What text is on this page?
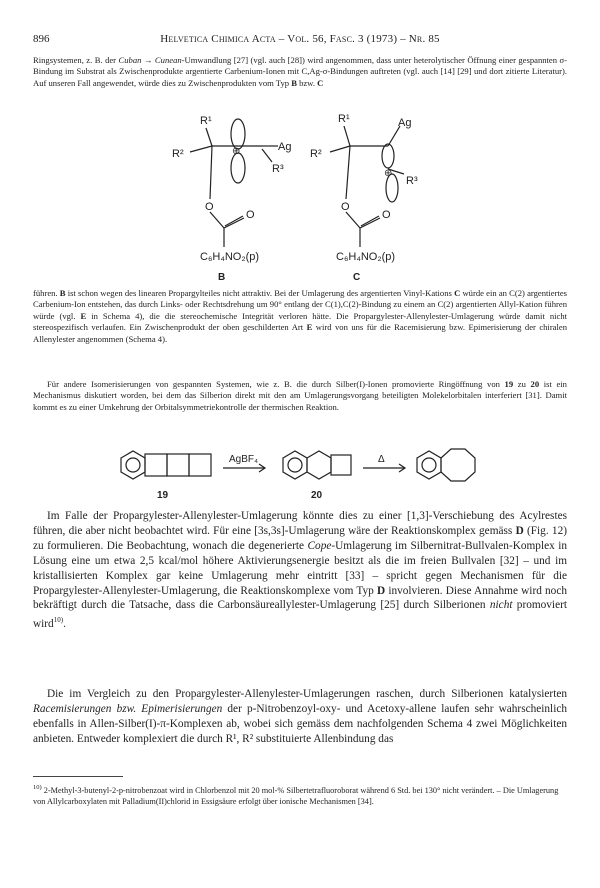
896	Helvetica Chimica Acta – Vol. 56, Fasc. 3 (1973) – Nr. 85

Ringsystemen, z. B. der Cuban → Cunean-Umwandlung [27] (vgl. auch [28]) wird angenommen, dass unter heterolytischer Öffnung einer gespannten σ-Bindung im Substrat als Zwischenprodukte argentierte Carbenium-Ionen mit C,Ag-σ-Bindungen auftreten (vgl. auch [14] [29] und dort zitierte Literatur). Auf unseren Fall angewendet, würde dies zu Zwischenprodukten vom Typ B bzw. C

R¹
R²
Ag
R³
⊕
O
O
C₆H₄NO₂(p)
B
R¹
R²
Ag
R³
⊕
O
O
C₆H₄NO₂(p)
C

führen. B ist schon wegen des linearen Propargylteiles nicht attraktiv. Bei der Umlagerung des argentierten Vinyl-Kations C würde ein an C(2) argentiertes Carbenium-Ion entstehen, das durch Links- oder Rechtsdrehung um 90° entlang der C(1),C(2)-Bindung zu einem an C(2) argentierten Allyl-Kation führen würde (vgl. E in Schema 4), die die stereochemische Integrität verloren hätte. Die Propargylester-Allenylester-Umlagerung würde damit nicht stereospezifisch verlaufen. Ein Zwischenprodukt der oben geschilderten Art E wird von uns für die Racemisierung bzw. Epimerisierung der chiralen Allenylester angenommen (Schema 4).

Für andere Isomerisierungen von gespannten Systemen, wie z. B. die durch Silber(I)-Ionen promovierte Ringöffnung von 19 zu 20 ist ein Mechanismus diskutiert worden, bei dem das Silberion direkt mit den am Umlagerungsvorgang beteiligten Molekelorbitalen interferiert [31]. Damit kommt es zu einer Umkehrung der Orbitalsymmetriekontrolle der thermischen Reaktion.

AgBF₄	Δ
19	20

Im Falle der Propargylester-Allenylester-Umlagerung könnte dies zu einer [1,3]-Verschiebung des Acylrestes führen, die aber nicht beobachtet wird. Für eine [3s,3s]-Umlagerung wäre der Reaktionskomplex gemäss D (Fig. 12) zu formulieren. Die Beobachtung, wonach die degenerierte Cope-Umlagerung im Silbernitrat-Bullvalen-Komplex in Lösung eine um etwa 2,5 kcal/mol höhere Aktivierungsenergie besitzt als die im freien Bullvalen [32] – und im kristallisierten Komplex gar keine Umlagerung mehr eintritt [33] – spricht gegen Mechanismen für die Propargylester-Allenylester-Umlagerung, die Reaktionskomplexe vom Typ D involvieren. Diese Annahme wird noch bekräftigt durch die Tatsache, dass die Carbonsäureallylester-Umlagerung [25] durch Silberionen nicht promoviert wird$^{10)}$.

Die im Vergleich zu den Propargylester-Allenylester-Umlagerungen raschen, durch Silberionen katalysierten Racemisierungen bzw. Epimerisierungen der p-Nitrobenzoyl-oxy- und Acetoxy-allene laufen sehr wahrscheinlich ebenfalls in Allen-Silber(I)-π-Komplexen ab, wobei sich gemäss dem nachfolgenden Schema 4 zwei Möglichkeiten anbieten. Entweder komplexiert die durch R¹, R² substituierte Allenbindung das

$^{10)}$ 2-Methyl-3-butenyl-2-p-nitrobenzoat wird in Chlorbenzol mit 20 mol-% Silbertetrafluoroborat während 6 Std. bei 130° nicht verändert. – Die Umlagerung von Allylcarboxylaten mit Palladium(II)chlorid in Essigsäure erfolgt über ionische Mechanismen [34].
